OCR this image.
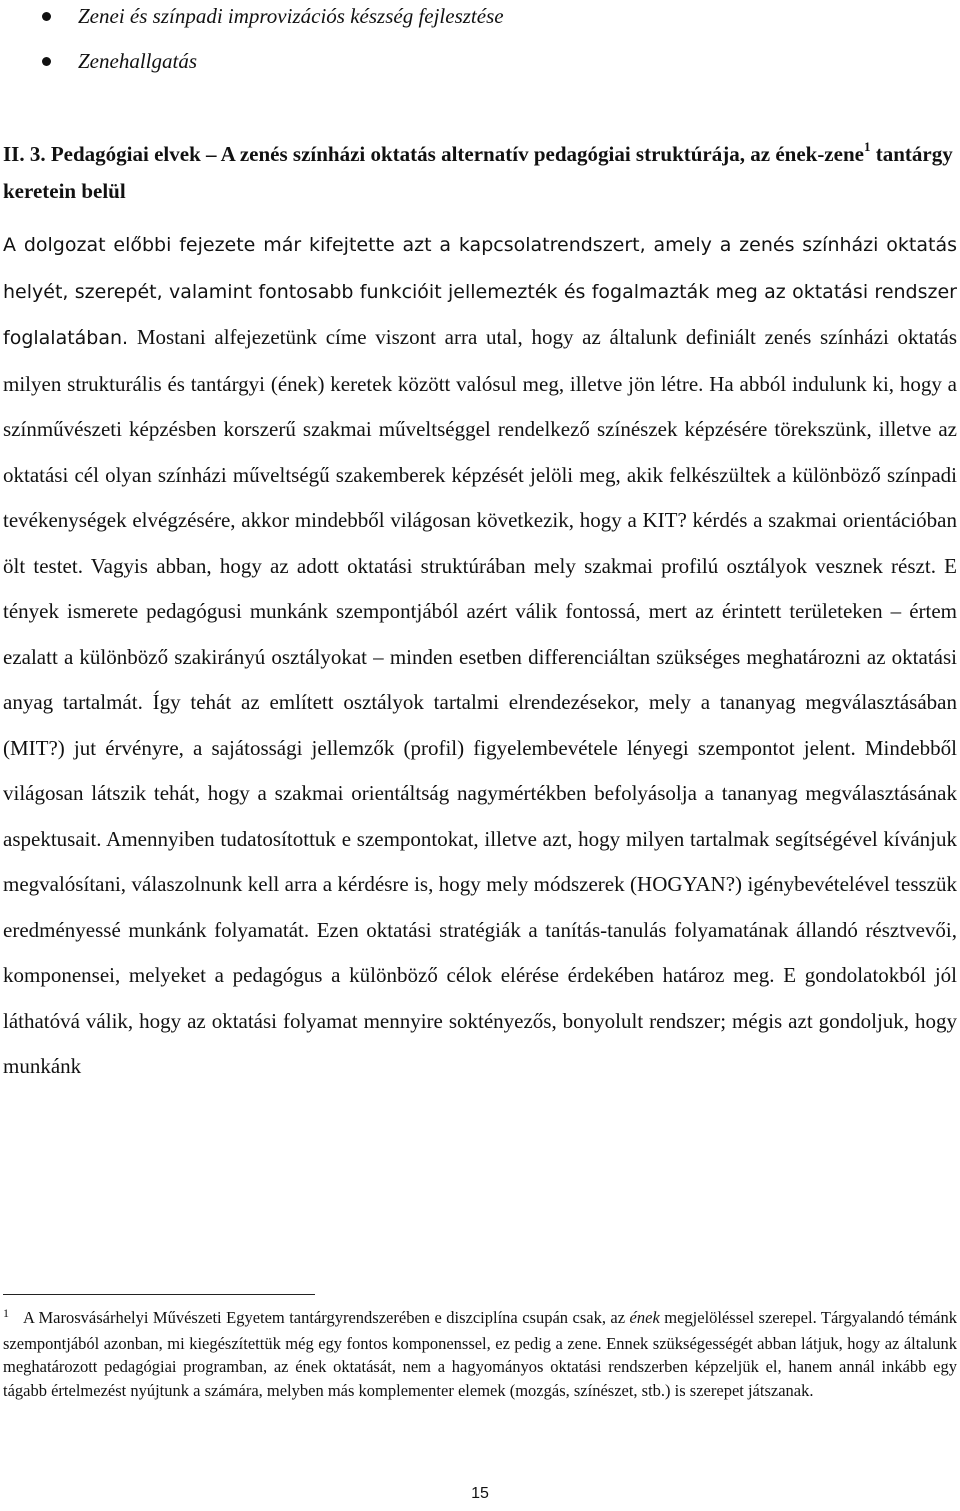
Zenei és színpadi improvizációs készség fejlesztése
Zenehallgatás
II. 3. Pedagógiai elvek – A zenés színházi oktatás alternatív pedagógiai struktúrája, az ének-zene$^1$ tantárgy keretein belül

A dolgozat előbbi fejezete már kifejtette azt a kapcsolatrendszert, amely a zenés színházi oktatás helyét, szerepét, valamint fontosabb funkcióit jellemezték és fogalmazták meg az oktatási rendszer foglalatában. Mostani alfejezetünk címe viszont arra utal, hogy az általunk definiált zenés színházi oktatás milyen strukturális és tantárgyi (ének) keretek között valósul meg, illetve jön létre. Ha abból indulunk ki, hogy a színművészeti képzésben korszerű szakmai műveltséggel rendelkező színészek képzésére törekszünk, illetve az oktatási cél olyan színházi műveltségű szakemberek képzését jelöli meg, akik felkészültek a különböző színpadi tevékenységek elvégzésére, akkor mindebből világosan következik, hogy a KIT? kérdés a szakmai orientációban ölt testet. Vagyis abban, hogy az adott oktatási struktúrában mely szakmai profilú osztályok vesznek részt. E tények ismerete pedagógusi munkánk szempontjából azért válik fontossá, mert az érintett területeken – értem ezalatt a különböző szakirányú osztályokat – minden esetben differenciáltan szükséges meghatározni az oktatási anyag tartalmát. Így tehát az említett osztályok tartalmi elrendezésekor, mely a tananyag megválasztásában (MIT?) jut érvényre, a sajátossági jellemzők (profil) figyelembevétele lényegi szempontot jelent. Mindebből világosan látszik tehát, hogy a szakmai orientáltság nagymértékben befolyásolja a tananyag megválasztásának aspektusait. Amennyiben tudatosítottuk e szempontokat, illetve azt, hogy milyen tartalmak segítségével kívánjuk megvalósítani, válaszolnunk kell arra a kérdésre is, hogy mely módszerek (HOGYAN?) igénybevételével tesszük eredményessé munkánk folyamatát. Ezen oktatási stratégiák a tanítás-tanulás folyamatának állandó résztvevői, komponensei, melyeket a pedagógus a különböző célok elérése érdekében határoz meg. E gondolatokból jól láthatóvá válik, hogy az oktatási folyamat mennyire soktényezős, bonyolult rendszer; mégis azt gondoljuk, hogy munkánk

$^1$ A Marosvásárhelyi Művészeti Egyetem tantárgyrendszerében e diszciplína csupán csak, az ének megjelöléssel szerepel. Tárgyalandó témánk szempontjából azonban, mi kiegészítettük még egy fontos komponenssel, ez pedig a zene. Ennek szükségességét abban látjuk, hogy az általunk meghatározott pedagógiai programban, az ének oktatását, nem a hagyományos oktatási rendszerben képzeljük el, hanem annál inkább egy tágabb értelmezést nyújtunk a számára, melyben más komplementer elemek (mozgás, színészet, stb.) is szerepet játszanak.
15
